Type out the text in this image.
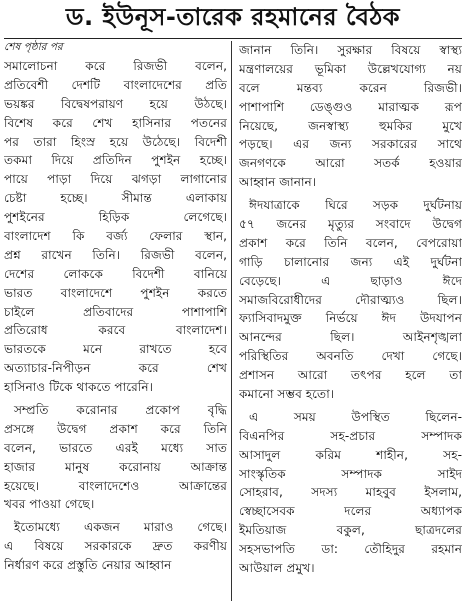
ড. ইউনূস-তারেক রহমানের বৈঠক
শেষ পৃষ্ঠার পর
সমালোচনা করে রিজভী বলেন,
প্রতিবেশী দেশটি বাংলাদেশের প্রতি
ভয়ঙ্কর বিদ্বেষপরায়ণ হয়ে উঠছে।
বিশেষ করে শেখ হাসিনার পতনের
পর তারা হিংস্র হয়ে উঠেছে। বিদেশী
তকমা দিয়ে প্রতিদিন পুশইন হচ্ছে।
পায়ে পাড়া দিয়ে ঝগড়া লাগানোর
চেষ্টা হচ্ছে। সীমান্ত এলাকায়
পুশইনের হিড়িক লেগেছে।
বাংলাদেশ কি বর্জ্য ফেলার স্থান,
প্রশ্ন রাখেন তিনি। রিজভী বলেন,
দেশের লোককে বিদেশী বানিয়ে
ভারত বাংলাদেশে পুশইন করতে
চাইলে প্রতিবাদের পাশাপাশি
প্রতিরোধ করবে বাংলাদেশ।
ভারতকে মনে রাখতে হবে
অত্যাচার-নিপীড়ন করে শেখ
হাসিনাও টিকে থাকতে পারেনি।
সম্প্রতি করোনার প্রকোপ বৃদ্ধি
প্রসঙ্গে উদ্বেগ প্রকাশ করে তিনি
বলেন, ভারতে এরই মধ্যে সাত
হাজার মানুষ করোনায় আক্রান্ত
হয়েছে। বাংলাদেশেও আক্রান্তের
খবর পাওয়া গেছে।
ইতোমধ্যে একজন মারাও গেছে।
এ বিষয়ে সরকারকে দ্রুত করণীয়
নির্ধারণ করে প্রস্তুতি নেয়ার আহ্বান
জানান তিনি। সুরক্ষার বিষয়ে স্বাস্থ্য
মন্ত্রণালয়ের ভূমিকা উল্লেখযোগ্য নয়
বলে মন্তব্য করেন রিজভী।
পাশাপাশি ডেঙ্গুও মারাত্মক রূপ
নিয়েছে, জনস্বাস্থ্য হুমকির মুখে
পড়ছে। এর জন্য সরকারের সাথে
জনগণকে আরো সতর্ক হওয়ার
আহ্বান জানান।
ঈদযাত্রাকে ঘিরে সড়ক দুর্ঘটনায়
৫৭ জনের মৃত্যুর সংবাদে উদ্বেগ
প্রকাশ করে তিনি বলেন, বেপরোয়া
গাড়ি চালানোর জন্য এই দুর্ঘটনা
বেড়েছে। এ ছাড়াও ঈদে
সমাজবিরোধীদের দৌরাত্ম্যও ছিল।
ফ্যাসিবাদমুক্ত নির্ভয়ে ঈদ উদযাপন
আনন্দের ছিল। আইনশৃঙ্খলা
পরিস্থিতির অবনতি দেখা গেছে।
প্রশাসন আরো তৎপর হলে তা
কমানো সম্ভব হতো।
এ সময় উপস্থিত ছিলেন-
বিএনপির সহ-প্রচার সম্পাদক
আসাদুল করিম শাহীন, সহ-
সাংস্কৃতিক সম্পাদক সাইদ
সোহরাব, সদস্য মাহবুব ইসলাম,
স্বেচ্ছাসেবক দলের অধ্যাপক
ইমতিয়াজ বকুল, ছাত্রদলের
সহসভাপতি ডা: তৌহিদুর রহমান
আউয়াল প্রমুখ।
